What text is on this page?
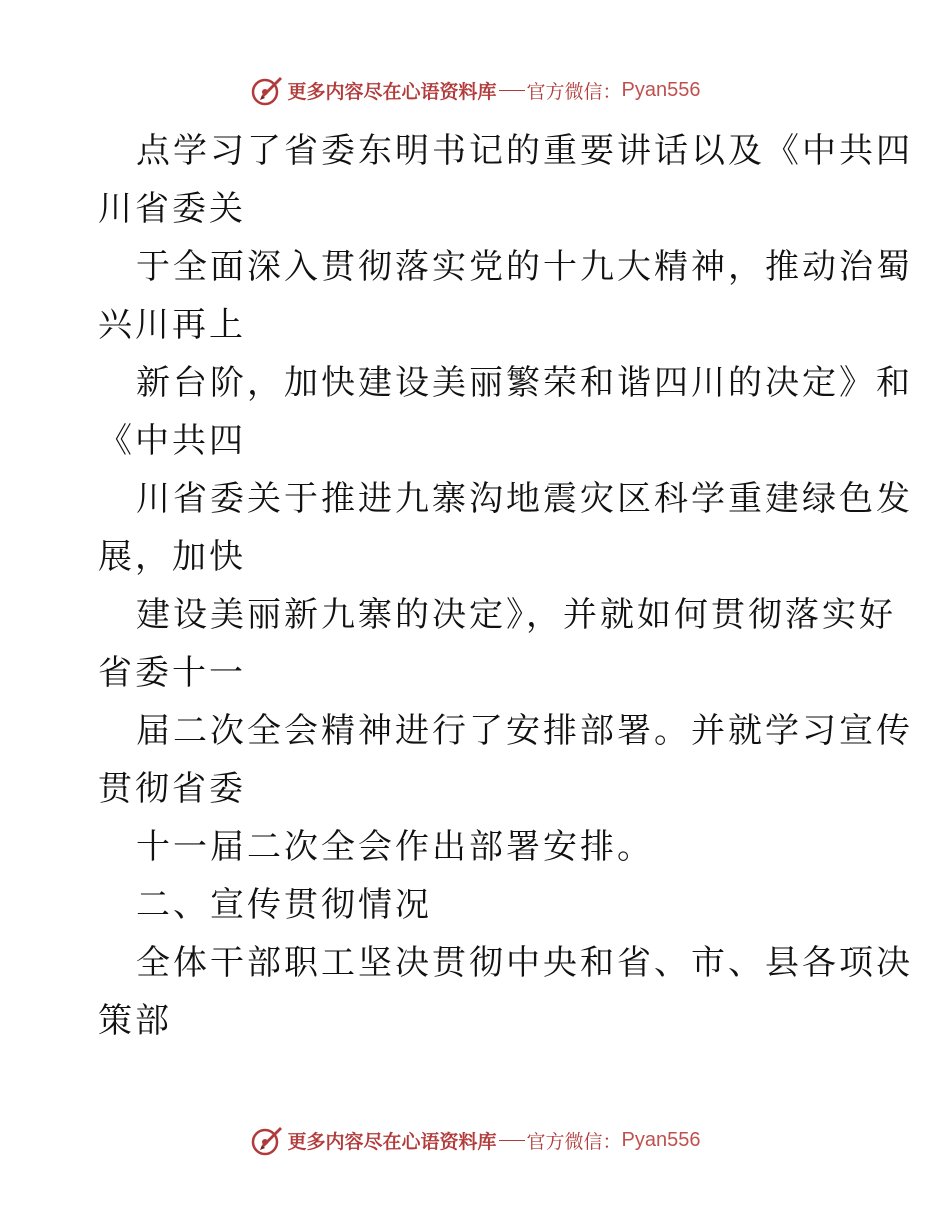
更多内容尽在心语资料库 官方微信： Pyan556
点学习了省委东明书记的重要讲话以及《中共四
川省委关
于全面深入贯彻落实党的十九大精神，推动治蜀
兴川再上
新台阶，加快建设美丽繁荣和谐四川的决定》和
《中共四
川省委关于推进九寨沟地震灾区科学重建绿色发
展，加快
建设美丽新九寨的决定》，并就如何贯彻落实好
省委十一
届二次全会精神进行了安排部署。并就学习宣传
贯彻省委
十一届二次全会作出部署安排。
二、宣传贯彻情况
全体干部职工坚决贯彻中央和省、市、县各项决
策部
更多内容尽在心语资料库 官方微信： Pyan556
